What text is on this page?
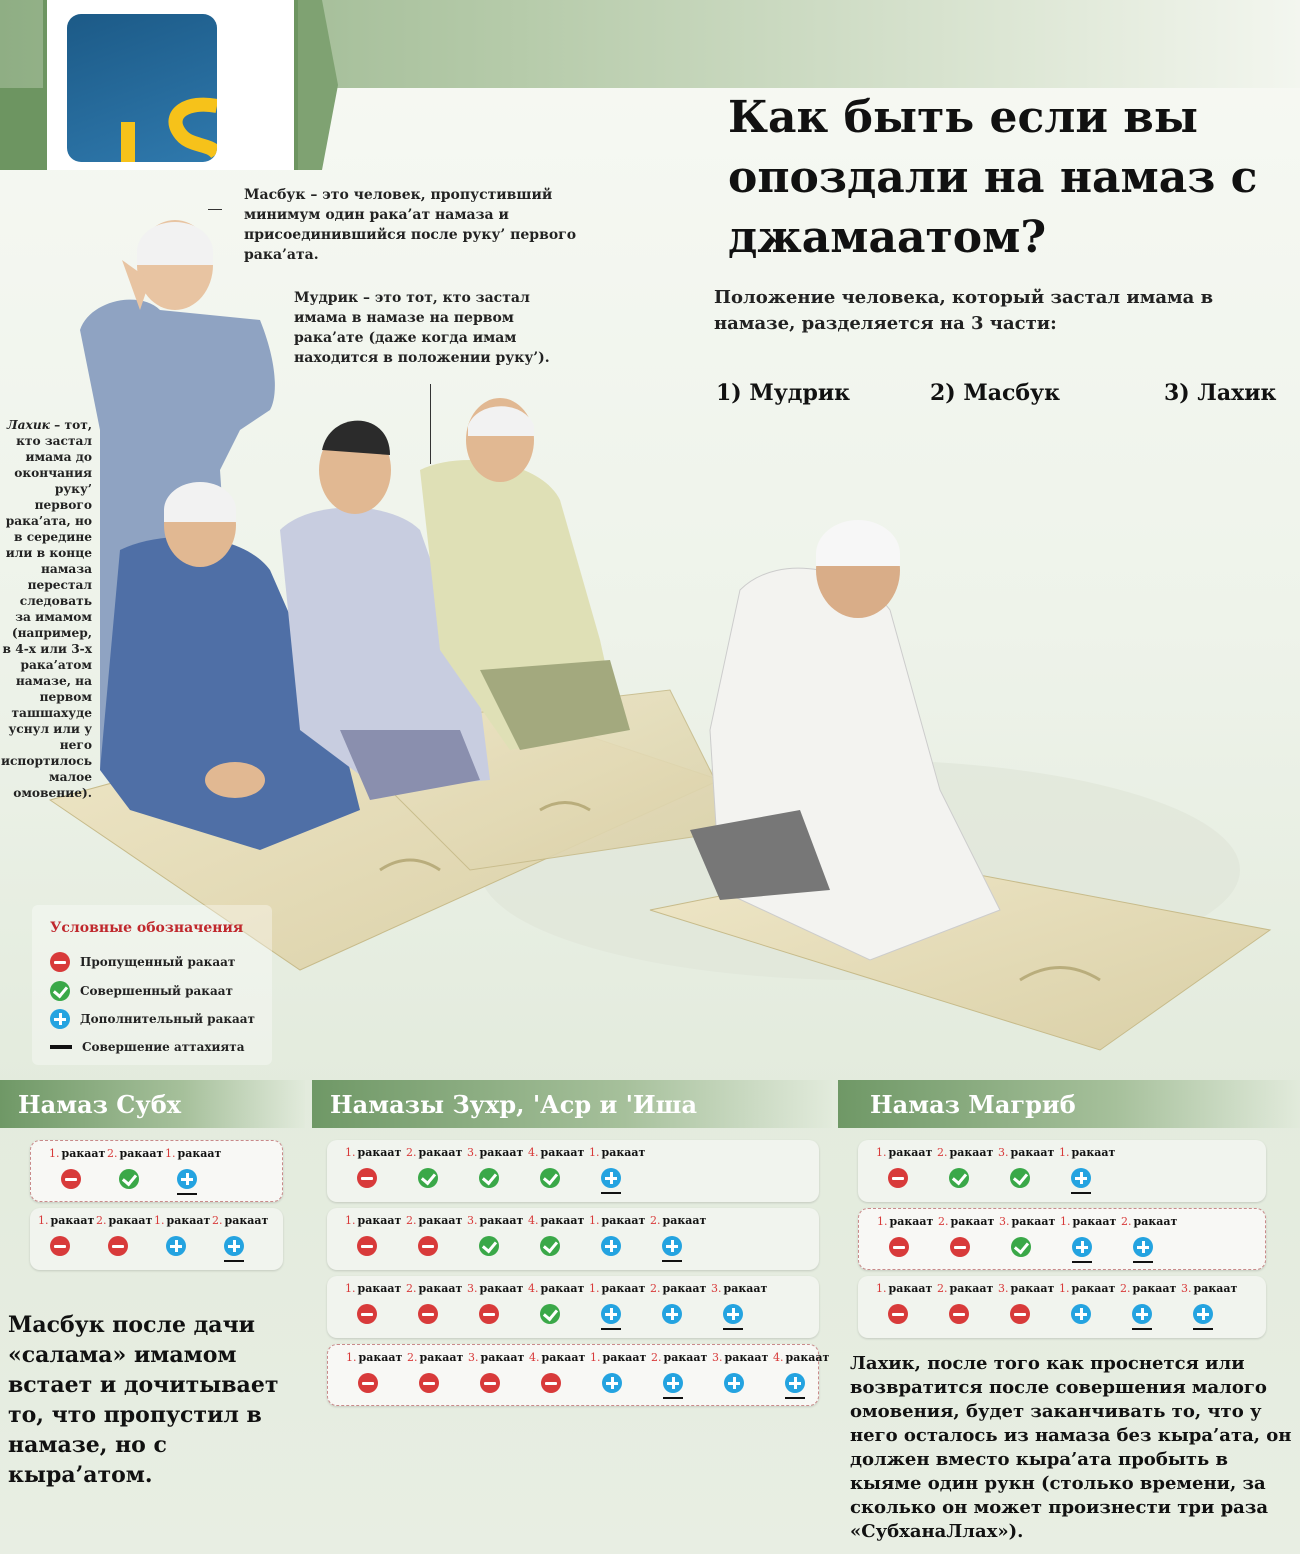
Как быть если вы опоздали на намаз с джамаатом?
Положение человека, который застал имама в намазе, разделяется на 3 части:
1) Мудрик	2) Масбук	3) Лахик
Масбук – это человек, пропустивший минимум один рака’ат намаза и присоединившийся после руку’ первого рака’ата.
Мудрик – это тот, кто застал имама в намазе на первом рака’ате (даже когда имам находится в положении руку’).
Лахик – тот, кто застал имама до окончания руку’ первого рака’ата, но в середине или в конце намаза перестал следовать за имамом (например, в 4-х или 3-х рака’атом намазе, на первом ташшахуде уснул или у него испортилось малое омовение).
Условные обозначения
Пропущенный ракаат
Совершенный ракаат
Дополнительный ракаат
Совершение аттахията
Намаз Субх	Намазы Зухр, 'Аср и 'Иша	Намаз Магриб
1. ракаат 2. ракаат 1. ракаат
1. ракаат 2. ракаат 1. ракаат 2. ракаат
1. ракаат 2. ракаат 3. ракаат 4. ракаат 1. ракаат
1. ракаат 2. ракаат 3. ракаат 4. ракаат 1. ракаат 2. ракаат
1. ракаат 2. ракаат 3. ракаат 4. ракаат 1. ракаат 2. ракаат 3. ракаат
1. ракаат 2. ракаат 3. ракаат 4. ракаат 1. ракаат 2. ракаат 3. ракаат 4. ракаат
1. ракаат 2. ракаат 3. ракаат 1. ракаат
1. ракаат 2. ракаат 3. ракаат 1. ракаат 2. ракаат
1. ракаат 2. ракаат 3. ракаат 1. ракаат 2. ракаат 3. ракаат
Масбук после дачи «салама» имамом встает и дочитывает то, что пропустил в намазе, но с кыра’атом.
Лахик, после того как проснется или возвратится после совершения малого омовения, будет заканчивать то, что у него осталось из намаза без кыра’ата, он должен вместо кыра’ата пробыть в кыяме один рукн (столько времени, за сколько он может произнести три раза «СубханаЛлах»).
